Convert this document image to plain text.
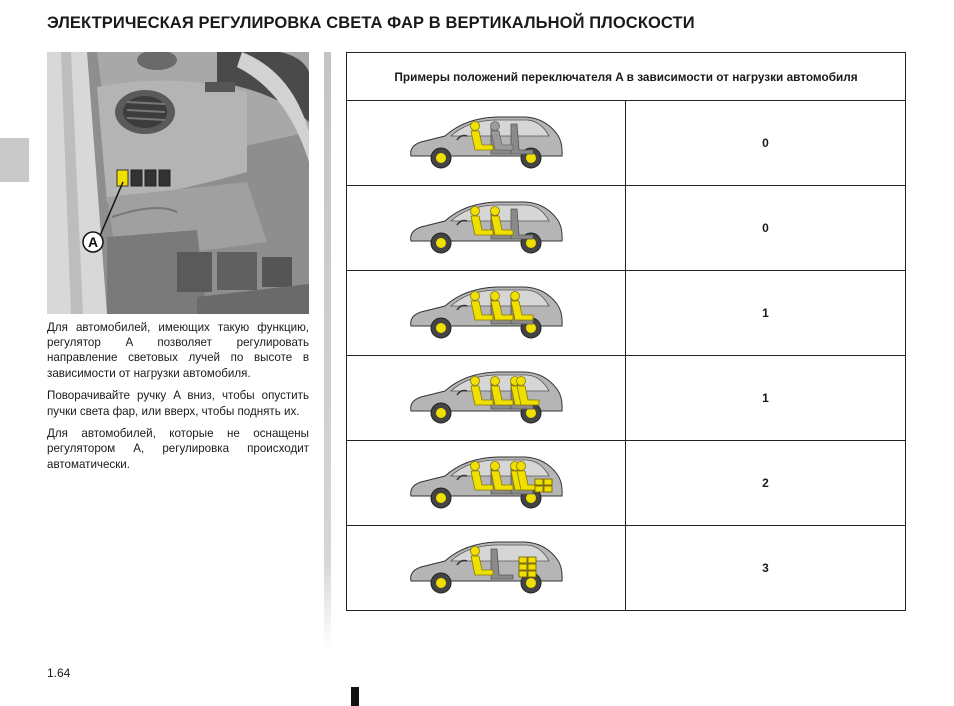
ЭЛЕКТРИЧЕСКАЯ РЕГУЛИРОВКА СВЕТА ФАР В ВЕРТИКАЛЬНОЙ ПЛОСКОСТИ
A

Для автомобилей, имеющих такую функцию, регулятор A позволяет регулировать направление световых лучей по высоте в зависимости от нагрузки автомобиля.

Поворачивайте ручку A вниз, чтобы опустить пучки света фар, или вверх, чтобы поднять их.

Для автомобилей, которые не оснащены регулятором A, регулировка происходит автоматически.

1.64
Примеры положений переключателя A в зависимости от нагрузки автомобиля	
	0
	0
	1
	1
	2
	3
